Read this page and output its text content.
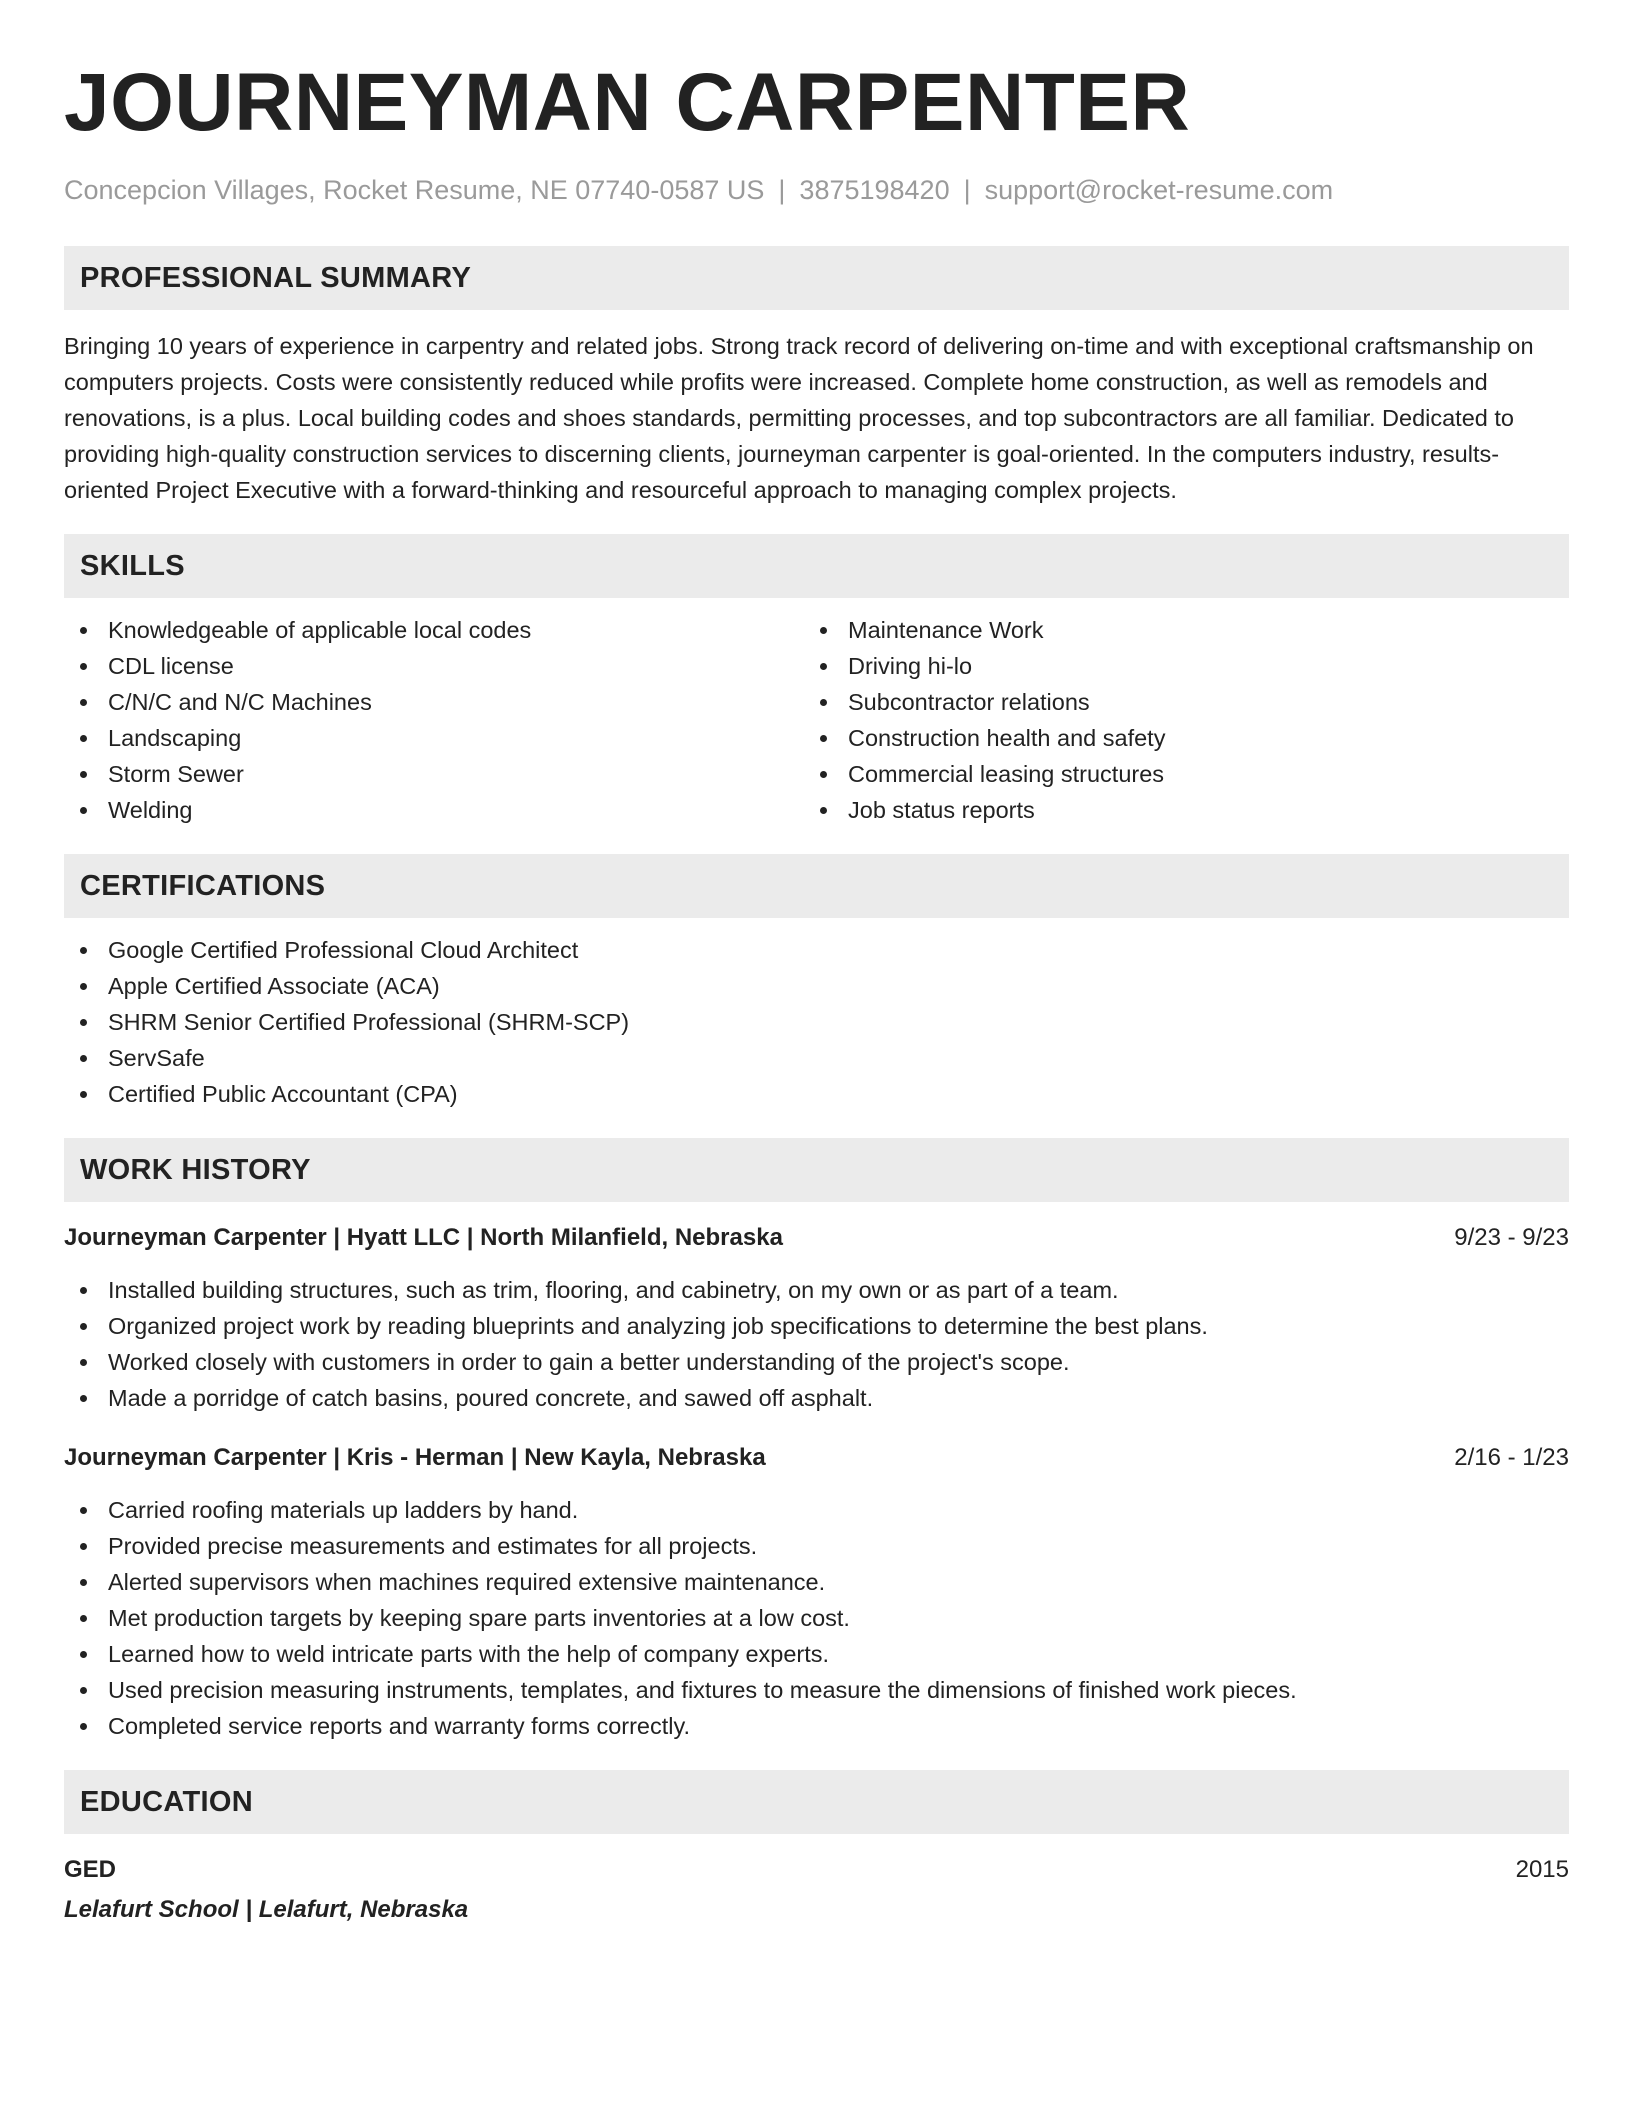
JOURNEYMAN CARPENTER
Concepcion Villages, Rocket Resume, NE 07740-0587 US | 3875198420 | support@rocket-resume.com
PROFESSIONAL SUMMARY

Bringing 10 years of experience in carpentry and related jobs. Strong track record of delivering on-time and with exceptional craftsmanship on computers projects. Costs were consistently reduced while profits were increased. Complete home construction, as well as remodels and renovations, is a plus. Local building codes and shoes standards, permitting processes, and top subcontractors are all familiar. Dedicated to providing high-quality construction services to discerning clients, journeyman carpenter is goal-oriented. In the computers industry, results-oriented Project Executive with a forward-thinking and resourceful approach to managing complex projects.

SKILLS
Knowledgeable of applicable local codes
CDL license
C/N/C and N/C Machines
Landscaping
Storm Sewer
Welding
Maintenance Work
Driving hi-lo
Subcontractor relations
Construction health and safety
Commercial leasing structures
Job status reports
CERTIFICATIONS
Google Certified Professional Cloud Architect
Apple Certified Associate (ACA)
SHRM Senior Certified Professional (SHRM-SCP)
ServSafe
Certified Public Accountant (CPA)
WORK HISTORY
Journeyman Carpenter | Hyatt LLC | North Milanfield, Nebraska	9/23 - 9/23
Installed building structures, such as trim, flooring, and cabinetry, on my own or as part of a team.
Organized project work by reading blueprints and analyzing job specifications to determine the best plans.
Worked closely with customers in order to gain a better understanding of the project's scope.
Made a porridge of catch basins, poured concrete, and sawed off asphalt.
Journeyman Carpenter | Kris - Herman | New Kayla, Nebraska	2/16 - 1/23
Carried roofing materials up ladders by hand.
Provided precise measurements and estimates for all projects.
Alerted supervisors when machines required extensive maintenance.
Met production targets by keeping spare parts inventories at a low cost.
Learned how to weld intricate parts with the help of company experts.
Used precision measuring instruments, templates, and fixtures to measure the dimensions of finished work pieces.
Completed service reports and warranty forms correctly.
EDUCATION
GED	2015
Lelafurt School | Lelafurt, Nebraska
